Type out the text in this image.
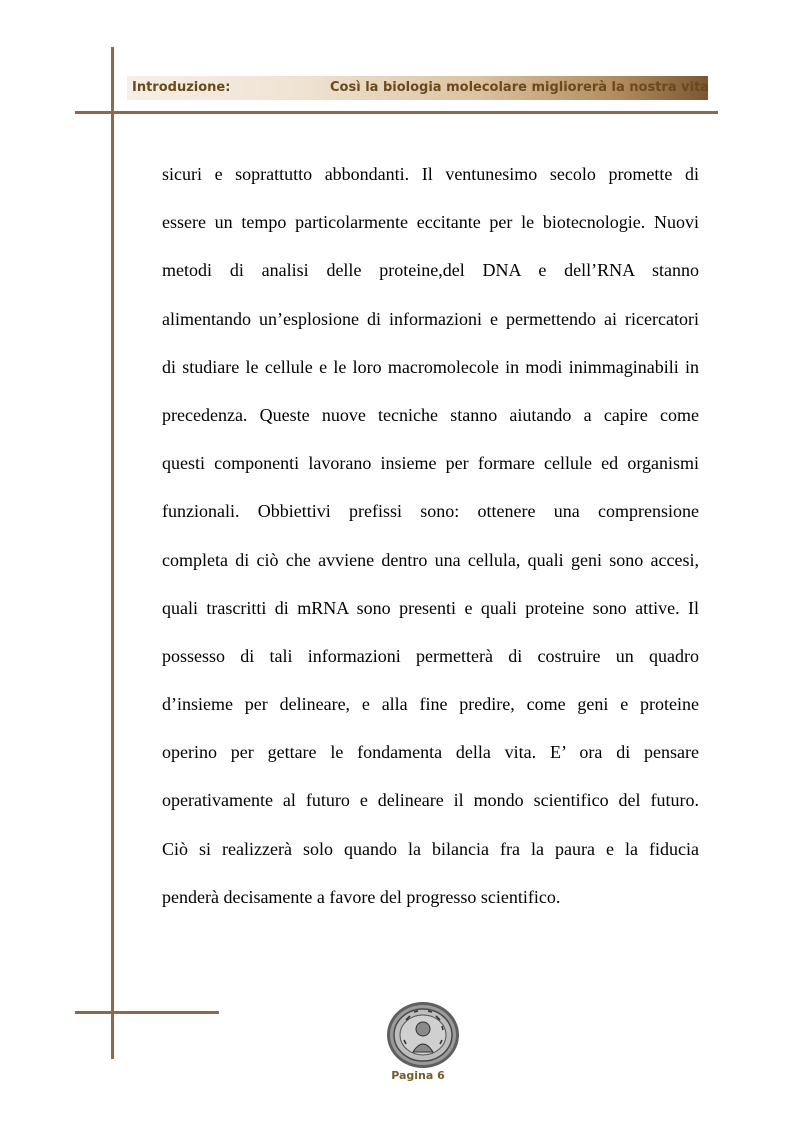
Introduzione:	Così la biologia molecolare migliorerà la nostra vita
sicuri e soprattutto abbondanti. Il ventunesimo secolo promette di
essere un tempo particolarmente eccitante per le biotecnologie. Nuovi
metodi di analisi delle proteine,del DNA e dell’RNA stanno
alimentando un’esplosione di informazioni e permettendo ai ricercatori
di studiare le cellule e le loro macromolecole in modi inimmaginabili in
precedenza. Queste nuove tecniche stanno aiutando a capire come
questi componenti lavorano insieme per formare cellule ed organismi
funzionali. Obbiettivi prefissi sono: ottenere una comprensione
completa di ciò che avviene dentro una cellula, quali geni sono accesi,
quali trascritti di mRNA sono presenti e quali proteine sono attive. Il
possesso di tali informazioni permetterà di costruire un quadro
d’insieme per delineare, e alla fine predire, come geni e proteine
operino per gettare le fondamenta della vita. E’ ora di pensare
operativamente al futuro e delineare il mondo scientifico del futuro.
Ciò si realizzerà solo quando la bilancia fra la paura e la fiducia
penderà decisamente a favore del progresso scientifico.
Pagina 6
